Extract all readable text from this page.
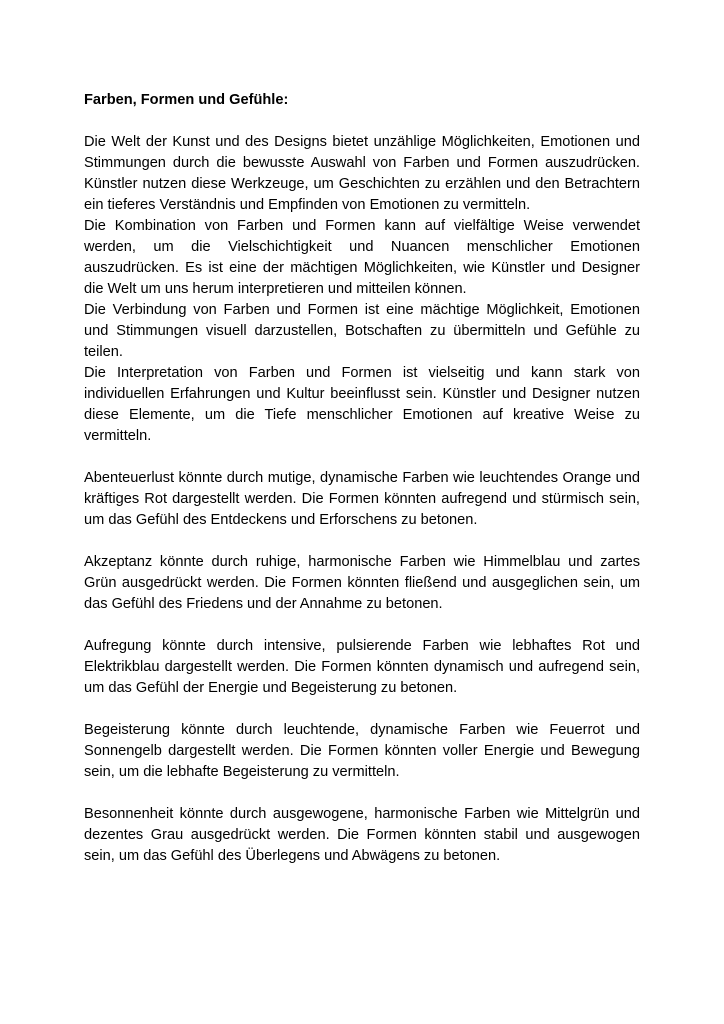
Farben, Formen und Gefühle:

Die Welt der Kunst und des Designs bietet unzählige Möglichkeiten, Emotionen und Stimmungen durch die bewusste Auswahl von Farben und Formen auszudrücken. Künstler nutzen diese Werkzeuge, um Geschichten zu erzählen und den Betrachtern ein tieferes Verständnis und Empfinden von Emotionen zu vermitteln.

Die Kombination von Farben und Formen kann auf vielfältige Weise verwendet werden, um die Vielschichtigkeit und Nuancen menschlicher Emotionen auszudrücken. Es ist eine der mächtigen Möglichkeiten, wie Künstler und Designer die Welt um uns herum interpretieren und mitteilen können.

Die Verbindung von Farben und Formen ist eine mächtige Möglichkeit, Emotionen und Stimmungen visuell darzustellen, Botschaften zu übermitteln und Gefühle zu teilen.

Die Interpretation von Farben und Formen ist vielseitig und kann stark von individuellen Erfahrungen und Kultur beeinflusst sein. Künstler und Designer nutzen diese Elemente, um die Tiefe menschlicher Emotionen auf kreative Weise zu vermitteln.

Abenteuerlust könnte durch mutige, dynamische Farben wie leuchtendes Orange und kräftiges Rot dargestellt werden. Die Formen könnten aufregend und stürmisch sein, um das Gefühl des Entdeckens und Erforschens zu betonen.

Akzeptanz könnte durch ruhige, harmonische Farben wie Himmelblau und zartes Grün ausgedrückt werden. Die Formen könnten fließend und ausgeglichen sein, um das Gefühl des Friedens und der Annahme zu betonen.

Aufregung könnte durch intensive, pulsierende Farben wie lebhaftes Rot und Elektrikblau dargestellt werden. Die Formen könnten dynamisch und aufregend sein, um das Gefühl der Energie und Begeisterung zu betonen.

Begeisterung könnte durch leuchtende, dynamische Farben wie Feuerrot und Sonnengelb dargestellt werden. Die Formen könnten voller Energie und Bewegung sein, um die lebhafte Begeisterung zu vermitteln.

Besonnenheit könnte durch ausgewogene, harmonische Farben wie Mittelgrün und dezentes Grau ausgedrückt werden. Die Formen könnten stabil und ausgewogen sein, um das Gefühl des Überlegens und Abwägens zu betonen.
